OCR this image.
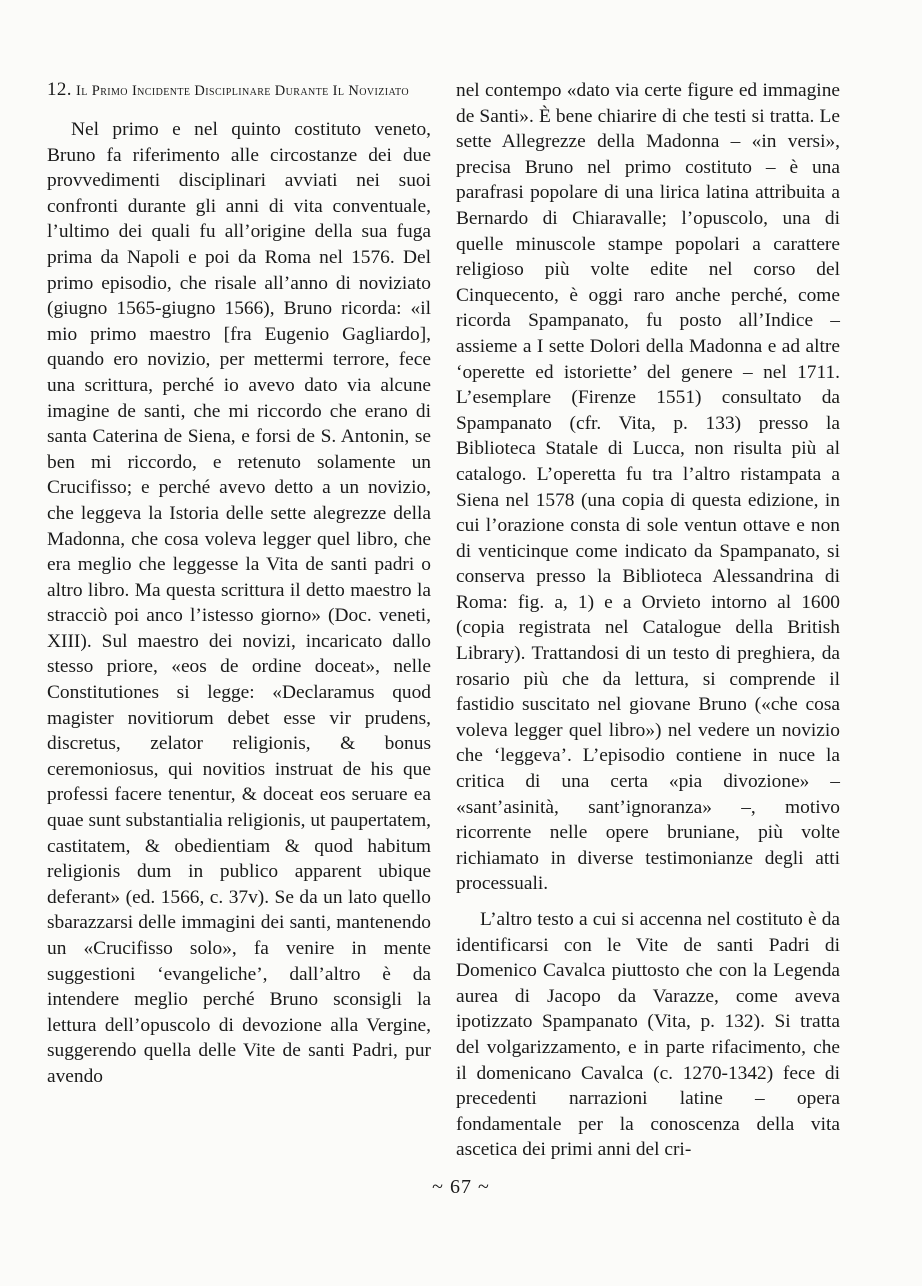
12. Il Primo Incidente Disciplinare Durante Il Noviziato

Nel primo e nel quinto costituto veneto, Bruno fa riferimento alle circostanze dei due provvedimenti disciplinari avviati nei suoi confronti durante gli anni di vita conventuale, l’ultimo dei quali fu all’origine della sua fuga prima da Napoli e poi da Roma nel 1576. Del primo episodio, che risale all’anno di noviziato (giugno 1565-giugno 1566), Bruno ricorda: «il mio primo maestro [fra Eugenio Gagliardo], quando ero novizio, per mettermi terrore, fece una scrittura, perché io avevo dato via alcune imagine de santi, che mi riccordo che erano di santa Caterina de Siena, e forsi de S. Antonin, se ben mi riccordo, e retenuto solamente un Crucifisso; e perché avevo detto a un novizio, che leggeva la Istoria delle sette alegrezze della Madonna, che cosa voleva legger quel libro, che era meglio che leggesse la Vita de santi padri o altro libro. Ma questa scrittura il detto maestro la stracciò poi anco l’istesso giorno» (Doc. veneti, XIII). Sul maestro dei novizi, incaricato dallo stesso priore, «eos de ordine doceat», nelle Constitutiones si legge: «Declaramus quod magister novitiorum debet esse vir prudens, discretus, zelator religionis, & bonus ceremoniosus, qui novitios instruat de his que professi facere tenentur, & doceat eos seruare ea quae sunt substantialia religionis, ut paupertatem, castitatem, & obedientiam & quod habitum religionis dum in publico apparent ubique deferant» (ed. 1566, c. 37v). Se da un lato quello sbarazzarsi delle immagini dei santi, mantenendo un «Crucifisso solo», fa venire in mente suggestioni ‘evangeliche’, dall’altro è da intendere meglio perché Bruno sconsigli la lettura dell’opuscolo di devozione alla Vergine, suggerendo quella delle Vite de santi Padri, pur avendo

nel contempo «dato via certe figure ed immagine de Santi». È bene chiarire di che testi si tratta. Le sette Allegrezze della Madonna – «in versi», precisa Bruno nel primo costituto – è una parafrasi popolare di una lirica latina attribuita a Bernardo di Chiaravalle; l’opuscolo, una di quelle minuscole stampe popolari a carattere religioso più volte edite nel corso del Cinquecento, è oggi raro anche perché, come ricorda Spampanato, fu posto all’Indice – assieme a I sette Dolori della Madonna e ad altre ‘operette ed istoriette’ del genere – nel 1711. L’esemplare (Firenze 1551) consultato da Spampanato (cfr. Vita, p. 133) presso la Biblioteca Statale di Lucca, non risulta più al catalogo. L’operetta fu tra l’altro ristampata a Siena nel 1578 (una copia di questa edizione, in cui l’orazione consta di sole ventun ottave e non di venticinque come indicato da Spampanato, si conserva presso la Biblioteca Alessandrina di Roma: fig. a, 1) e a Orvieto intorno al 1600 (copia registrata nel Catalogue della British Library). Trattandosi di un testo di preghiera, da rosario più che da lettura, si comprende il fastidio suscitato nel giovane Bruno («che cosa voleva legger quel libro») nel vedere un novizio che ‘leggeva’. L’episodio contiene in nuce la critica di una certa «pia divozione» – «sant’asinità, sant’ignoranza» –, motivo ricorrente nelle opere bruniane, più volte richiamato in diverse testimonianze degli atti processuali.

L’altro testo a cui si accenna nel costituto è da identificarsi con le Vite de santi Padri di Domenico Cavalca piuttosto che con la Legenda aurea di Jacopo da Varazze, come aveva ipotizzato Spampanato (Vita, p. 132). Si tratta del volgarizzamento, e in parte rifacimento, che il domenicano Cavalca (c. 1270-1342) fece di precedenti narrazioni latine – opera fondamentale per la conoscenza della vita ascetica dei primi anni del cri-

~ 67 ~
